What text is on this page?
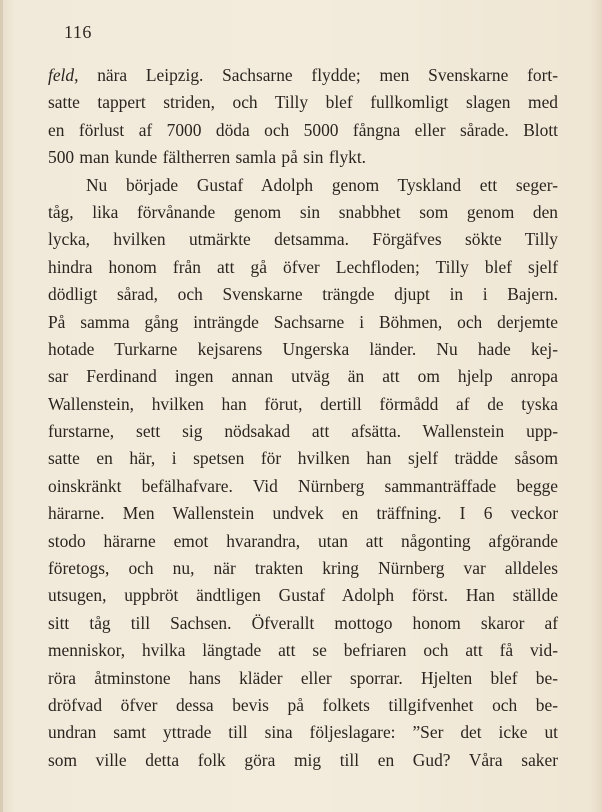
116
feld, nära Leipzig. Sachsarne flydde; men Svenskarne fort-
satte tappert striden, och Tilly blef fullkomligt slagen med
en förlust af 7000 döda och 5000 fångna eller sårade. Blott
500 man kunde fältherren samla på sin flykt.
Nu började Gustaf Adolph genom Tyskland ett seger-
tåg, lika förvånande genom sin snabbhet som genom den
lycka, hvilken utmärkte detsamma. Förgäfves sökte Tilly
hindra honom från att gå öfver Lechfloden; Tilly blef sjelf
dödligt sårad, och Svenskarne trängde djupt in i Bajern.
På samma gång inträngde Sachsarne i Böhmen, och derjemte
hotade Turkarne kejsarens Ungerska länder. Nu hade kej-
sar Ferdinand ingen annan utväg än att om hjelp anropa
Wallenstein, hvilken han förut, dertill förmådd af de tyska
furstarne, sett sig nödsakad att afsätta. Wallenstein upp-
satte en här, i spetsen för hvilken han sjelf trädde såsom
oinskränkt befälhafvare. Vid Nürnberg sammanträffade begge
härarne. Men Wallenstein undvek en träffning. I 6 veckor
stodo härarne emot hvarandra, utan att någonting afgörande
företogs, och nu, när trakten kring Nürnberg var alldeles
utsugen, uppbröt ändtligen Gustaf Adolph först. Han ställde
sitt tåg till Sachsen. Öfverallt mottogo honom skaror af
menniskor, hvilka längtade att se befriaren och att få vid-
röra åtminstone hans kläder eller sporrar. Hjelten blef be-
dröfvad öfver dessa bevis på folkets tillgifvenhet och be-
undran samt yttrade till sina följeslagare: ”Ser det icke ut
som ville detta folk göra mig till en Gud? Våra saker
